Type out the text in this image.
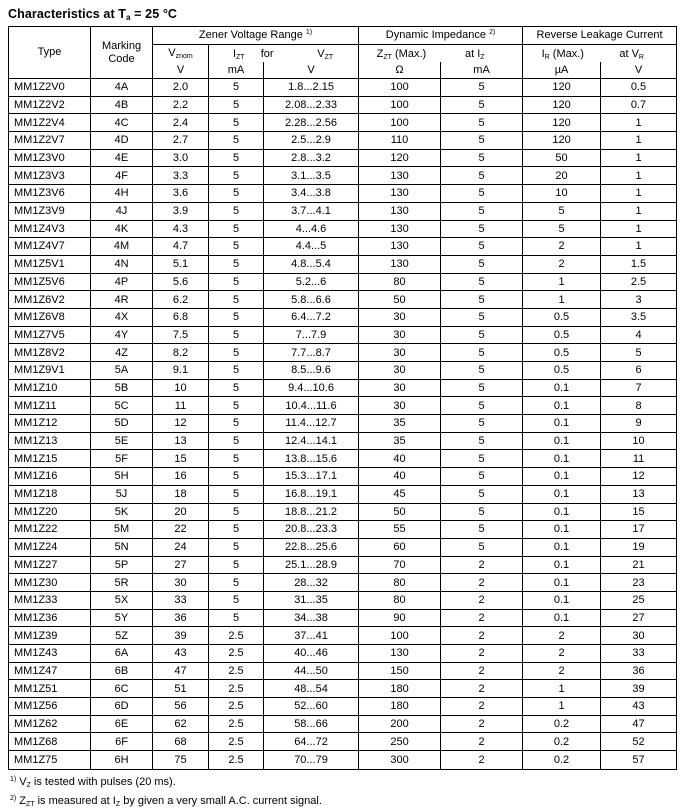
Characteristics at $T_a = 25$ °C
Type	Marking Code	Zener Voltage Range $^{1)}$			Dynamic Impedance $^{2)}$		Reverse Leakage Current	
		$V_{znom}$	$I_{ZT}$ for $V_{ZT}$		$Z_{ZT}$ (Max.) at $I_Z$		$I_R$ (Max.) at $V_R$

		V	mA	V	Ω	mA	µA	V
MM1Z2V0	4A	2.0	5	1.8...2.15	100	5	120	0.5
MM1Z2V2	4B	2.2	5	2.08...2.33	100	5	120	0.7
MM1Z2V4	4C	2.4	5	2.28...2.56	100	5	120	1
MM1Z2V7	4D	2.7	5	2.5...2.9	110	5	120	1
MM1Z3V0	4E	3.0	5	2.8...3.2	120	5	50	1
MM1Z3V3	4F	3.3	5	3.1...3.5	130	5	20	1
MM1Z3V6	4H	3.6	5	3.4...3.8	130	5	10	1
MM1Z3V9	4J	3.9	5	3.7...4.1	130	5	5	1
MM1Z4V3	4K	4.3	5	4...4.6	130	5	5	1
MM1Z4V7	4M	4.7	5	4.4...5	130	5	2	1
MM1Z5V1	4N	5.1	5	4.8...5.4	130	5	2	1.5
MM1Z5V6	4P	5.6	5	5.2...6	80	5	1	2.5
MM1Z6V2	4R	6.2	5	5.8...6.6	50	5	1	3
MM1Z6V8	4X	6.8	5	6.4...7.2	30	5	0.5	3.5
MM1Z7V5	4Y	7.5	5	7...7.9	30	5	0.5	4
MM1Z8V2	4Z	8.2	5	7.7...8.7	30	5	0.5	5
MM1Z9V1	5A	9.1	5	8.5...9.6	30	5	0.5	6
MM1Z10	5B	10	5	9.4...10.6	30	5	0.1	7
MM1Z11	5C	11	5	10.4...11.6	30	5	0.1	8
MM1Z12	5D	12	5	11.4...12.7	35	5	0.1	9
MM1Z13	5E	13	5	12.4...14.1	35	5	0.1	10
MM1Z15	5F	15	5	13.8...15.6	40	5	0.1	11
MM1Z16	5H	16	5	15.3...17.1	40	5	0.1	12
MM1Z18	5J	18	5	16.8...19.1	45	5	0.1	13
MM1Z20	5K	20	5	18.8...21.2	50	5	0.1	15
MM1Z22	5M	22	5	20.8...23.3	55	5	0.1	17
MM1Z24	5N	24	5	22.8...25.6	60	5	0.1	19
MM1Z27	5P	27	5	25.1...28.9	70	2	0.1	21
MM1Z30	5R	30	5	28...32	80	2	0.1	23
MM1Z33	5X	33	5	31...35	80	2	0.1	25
MM1Z36	5Y	36	5	34...38	90	2	0.1	27
MM1Z39	5Z	39	2.5	37...41	100	2	2	30
MM1Z43	6A	43	2.5	40...46	130	2	2	33
MM1Z47	6B	47	2.5	44...50	150	2	2	36
MM1Z51	6C	51	2.5	48...54	180	2	1	39
MM1Z56	6D	56	2.5	52...60	180	2	1	43
MM1Z62	6E	62	2.5	58...66	200	2	0.2	47
MM1Z68	6F	68	2.5	64...72	250	2	0.2	52
MM1Z75	6H	75	2.5	70...79	300	2	0.2	57
$^{1)}$ $V_Z$ is tested with pulses (20 ms).
$^{2)}$ $Z_{ZT}$ is measured at $I_Z$ by given a very small A.C. current signal.
